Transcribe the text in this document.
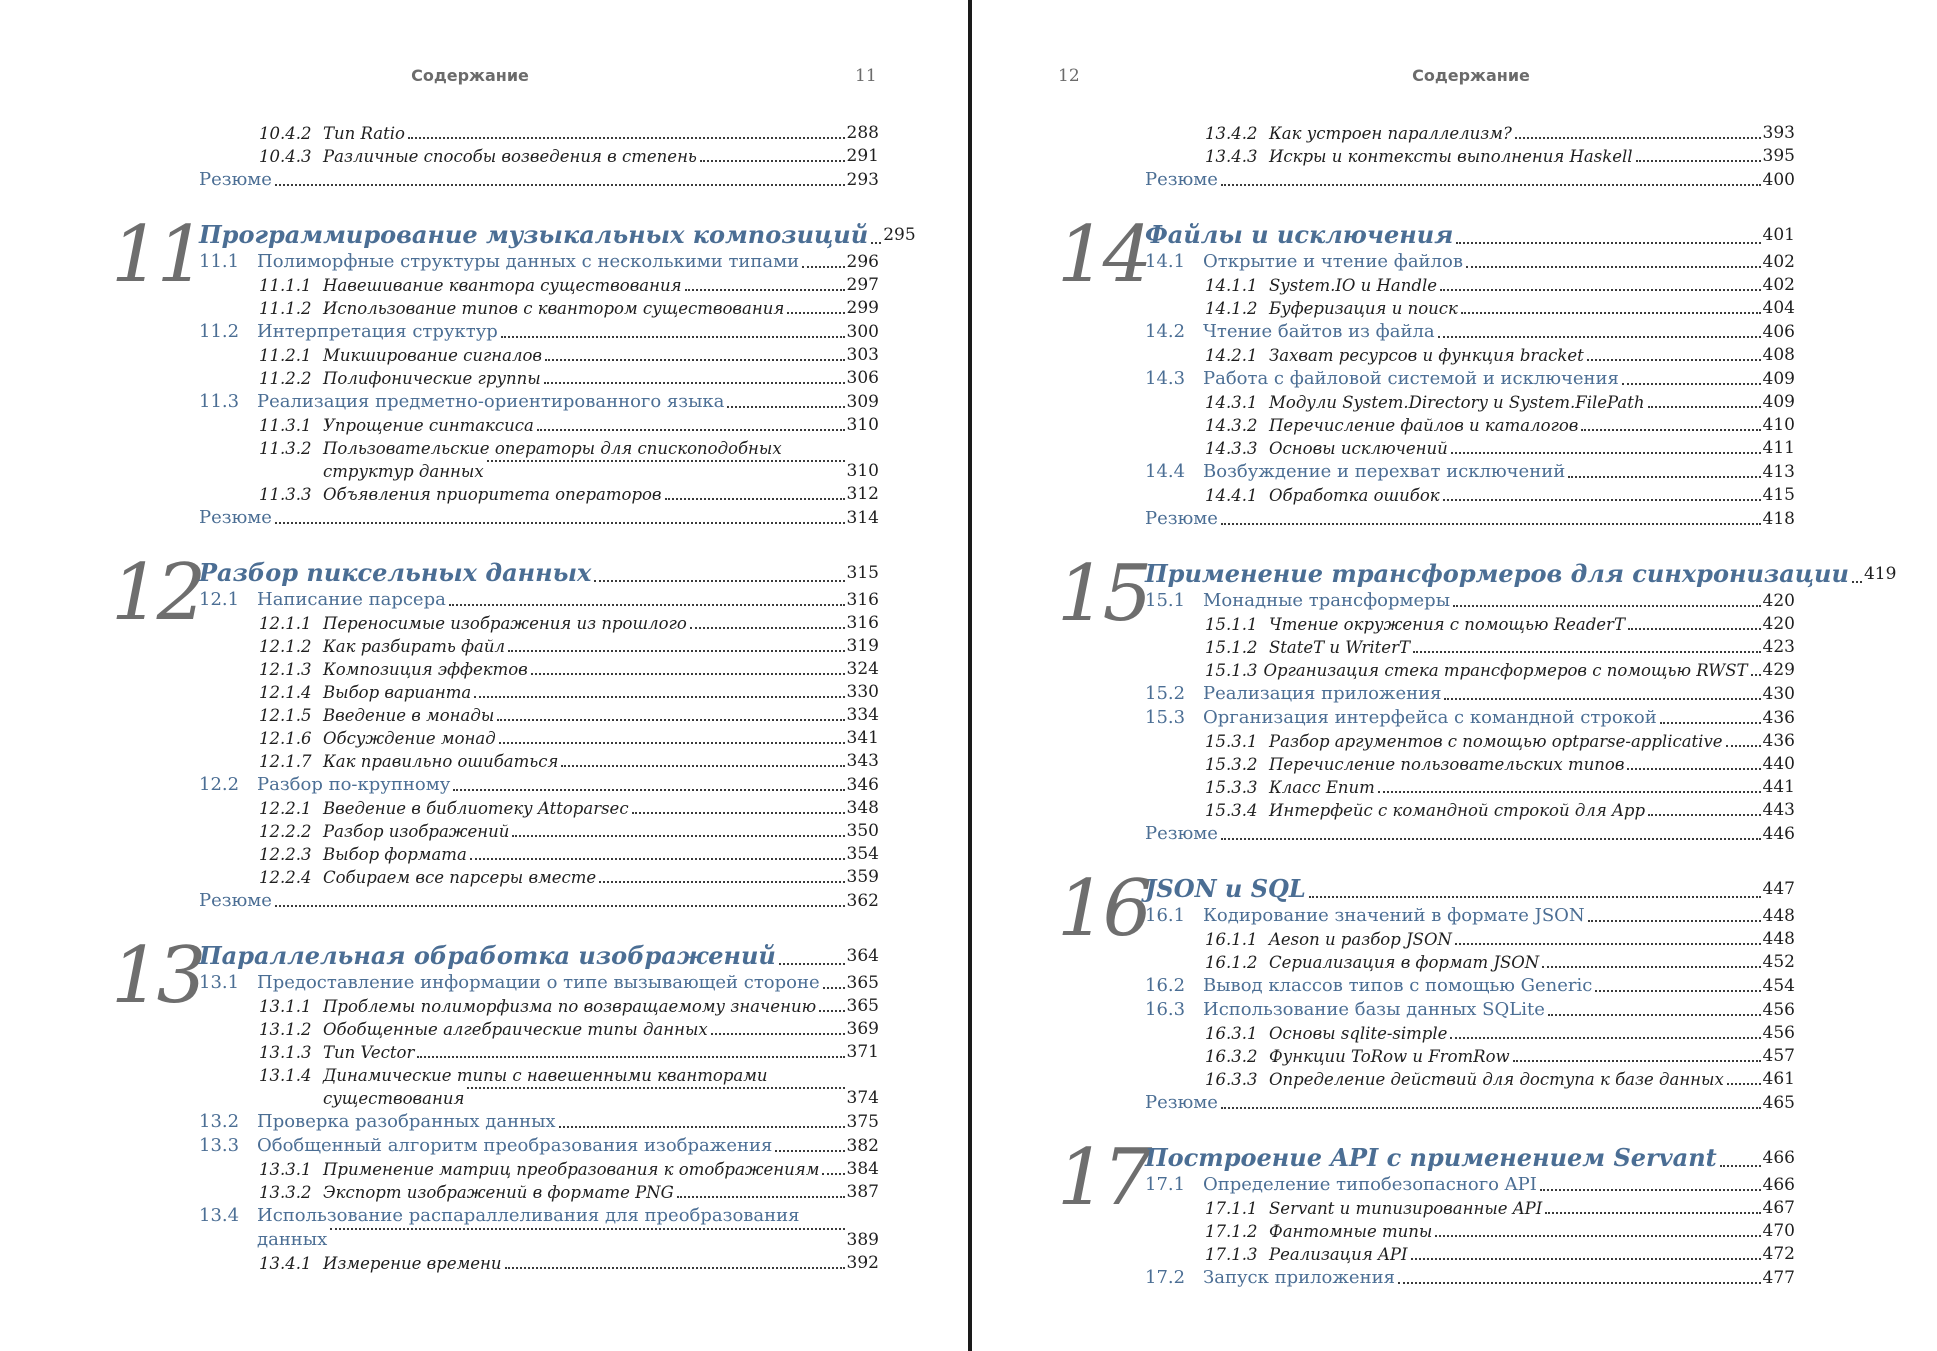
Содержание	11
10.4.2 Tun Ratio	288
10.4.3 Различные способы возведения в степень	291
Резюме	293
11
Программирование музыкальных композиций 295
11.1 Полиморфные структуры данных с несколькими типами	296
11.1.1 Навешивание квантора существования	297
11.1.2 Использование типов с квантором существования	299
11.2 Интерпретация структур	300
11.2.1 Микширование сигналов	303
11.2.2 Полифонические группы	306
11.3 Реализация предметно-ориентированного языка	309
11.3.1 Упрощение синтаксиса	310
11.3.2 Пользовательские операторы для спископодобных
структур данных	310
11.3.3 Объявления приоритета операторов	312
Резюме	314
12
Разбор пиксельных данных	315
12.1 Написание парсера	316
12.1.1 Переносимые изображения из прошлого	316
12.1.2 Как разбирать файл	319
12.1.3 Композиция эффектов	324
12.1.4 Выбор варианта	330
12.1.5 Введение в монады	334
12.1.6 Обсуждение монад	341
12.1.7 Как правильно ошибаться	343
12.2 Разбор по-крупному	346
12.2.1 Введение в библиотеку Attoparsec	348
12.2.2 Разбор изображений	350
12.2.3 Выбор формата	354
12.2.4 Собираем все парсеры вместе	359
Резюме	362
13
Параллельная обработка изображений	364
13.1 Предоставление информации о типе вызывающей стороне 365
13.1.1 Проблемы полиморфизма по возвращаемому значению 365
13.1.2 Обобщенные алгебраические типы данных	369
13.1.3 Tun Vector	371
13.1.4 Динамические типы с навешенными кванторами
существования	374
13.2 Проверка разобранных данных	375
13.3 Обобщенный алгоритм преобразования изображения	382
13.3.1 Применение матриц преобразования к отображениям 384
13.3.2 Экспорт изображений в формате PNG	387
13.4 Использование распараллеливания для преобразования
данных	389
13.4.1 Измерение времени	392
12	Содержание
13.4.2 Как устроен параллелизм?	393
13.4.3 Искры и контексты выполнения Haskell	395
Резюме	400
14
Файлы и исключения	401
14.1 Открытие и чтение файлов	402
14.1.1 System.IO и Handle	402
14.1.2 Буферизация и поиск	404
14.2 Чтение байтов из файла	406
14.2.1 Захват ресурсов и функция bracket	408
14.3 Работа с файловой системой и исключения	409
14.3.1 Модули System.Directory и System.FilePath	409
14.3.2 Перечисление файлов и каталогов	410
14.3.3 Основы исключений	411
14.4 Возбуждение и перехват исключений	413
14.4.1 Обработка ошибок	415
Резюме	418
15
Применение трансформеров для синхронизации 419
15.1 Монадные трансформеры	420
15.1.1 Чтение окружения с помощью ReaderT	420
15.1.2 StateT и WriterT	423
15.1.3 Организация стека трансформеров с помощью RWST 429
15.2 Реализация приложения	430
15.3 Организация интерфейса с командной строкой	436
15.3.1 Разбор аргументов с помощью optparse-applicative 436
15.3.2 Перечисление пользовательских типов	440
15.3.3 Класс Enum	441
15.3.4 Интерфейс с командной строкой для App	443
Резюме	446
16
JSON и SQL	447
16.1 Кодирование значений в формате JSON	448
16.1.1 Aeson и разбор JSON	448
16.1.2 Сериализация в формат JSON	452
16.2 Вывод классов типов с помощью Generic	454
16.3 Использование базы данных SQLite	456
16.3.1 Основы sqlite-simple	456
16.3.2 Функции ToRow и FromRow	457
16.3.3 Определение действий для доступа к базе данных 461
Резюме	465
17
Построение API с применением Servant	466
17.1 Определение типобезопасного API	466
17.1.1 Servant и типизированные API	467
17.1.2 Фантомные типы	470
17.1.3 Реализация API	472
17.2 Запуск приложения	477
